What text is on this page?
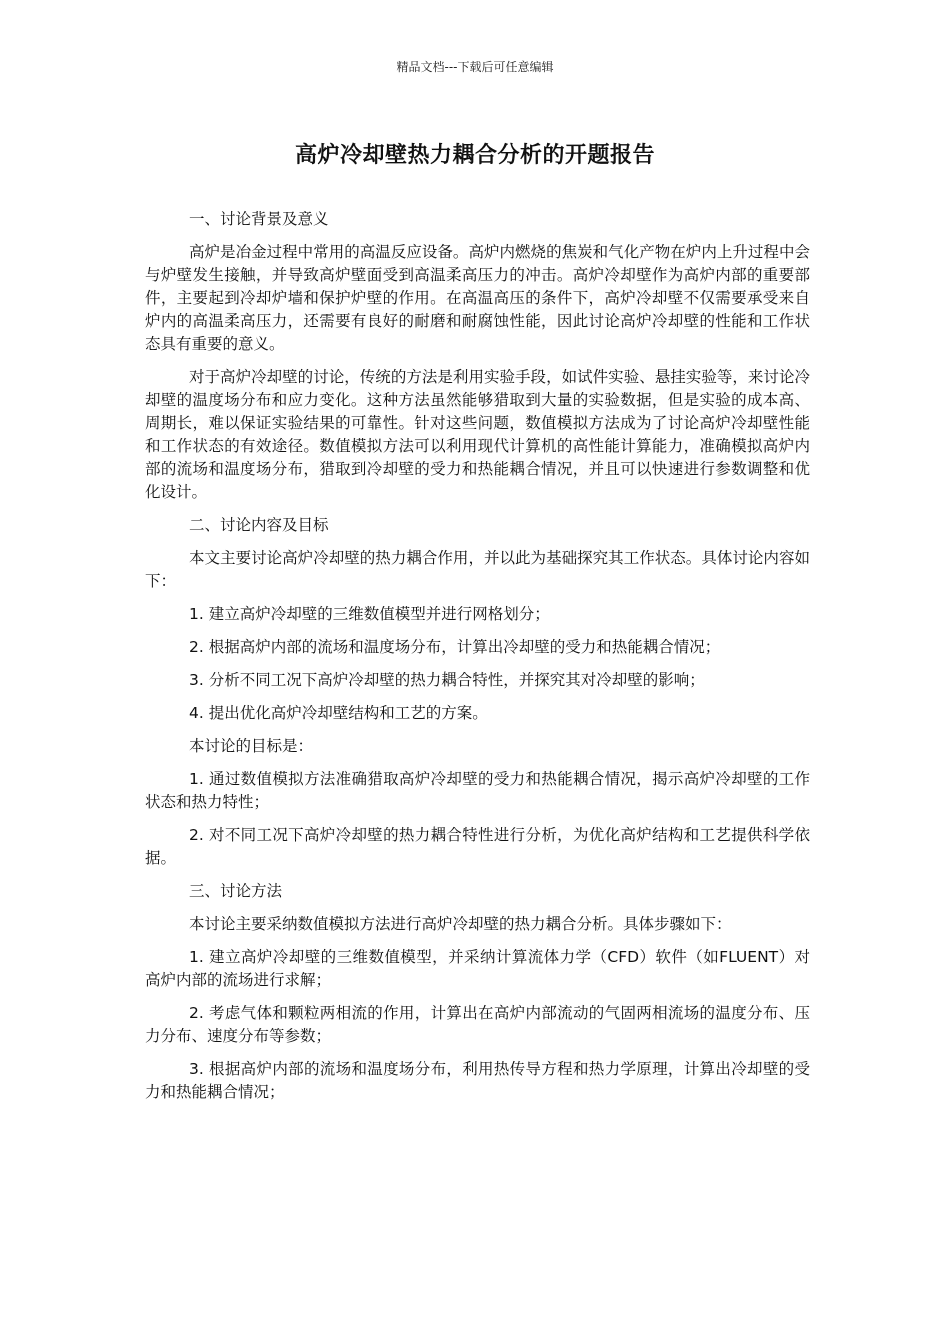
精品文档---下载后可任意编辑
高炉冷却壁热力耦合分析的开题报告

一、讨论背景及意义

高炉是冶金过程中常用的高温反应设备。高炉内燃烧的焦炭和气化产物在炉内上升过程中会与炉壁发生接触，并导致高炉壁面受到高温柔高压力的冲击。高炉冷却壁作为高炉内部的重要部件，主要起到冷却炉墙和保护炉壁的作用。在高温高压的条件下，高炉冷却壁不仅需要承受来自炉内的高温柔高压力，还需要有良好的耐磨和耐腐蚀性能，因此讨论高炉冷却壁的性能和工作状态具有重要的意义。

对于高炉冷却壁的讨论，传统的方法是利用实验手段，如试件实验、悬挂实验等，来讨论冷却壁的温度场分布和应力变化。这种方法虽然能够猎取到大量的实验数据，但是实验的成本高、周期长，难以保证实验结果的可靠性。针对这些问题，数值模拟方法成为了讨论高炉冷却壁性能和工作状态的有效途径。数值模拟方法可以利用现代计算机的高性能计算能力，准确模拟高炉内部的流场和温度场分布，猎取到冷却壁的受力和热能耦合情况，并且可以快速进行参数调整和优化设计。

二、讨论内容及目标

本文主要讨论高炉冷却壁的热力耦合作用，并以此为基础探究其工作状态。具体讨论内容如下：

1. 建立高炉冷却壁的三维数值模型并进行网格划分；

2. 根据高炉内部的流场和温度场分布，计算出冷却壁的受力和热能耦合情况；

3. 分析不同工况下高炉冷却壁的热力耦合特性，并探究其对冷却壁的影响；

4. 提出优化高炉冷却壁结构和工艺的方案。

本讨论的目标是：

1. 通过数值模拟方法准确猎取高炉冷却壁的受力和热能耦合情况，揭示高炉冷却壁的工作状态和热力特性；

2. 对不同工况下高炉冷却壁的热力耦合特性进行分析，为优化高炉结构和工艺提供科学依据。

三、讨论方法

本讨论主要采纳数值模拟方法进行高炉冷却壁的热力耦合分析。具体步骤如下：

1. 建立高炉冷却壁的三维数值模型，并采纳计算流体力学（CFD）软件（如FLUENT）对高炉内部的流场进行求解；

2. 考虑气体和颗粒两相流的作用，计算出在高炉内部流动的气固两相流场的温度分布、压力分布、速度分布等参数；

3. 根据高炉内部的流场和温度场分布，利用热传导方程和热力学原理，计算出冷却壁的受力和热能耦合情况；
